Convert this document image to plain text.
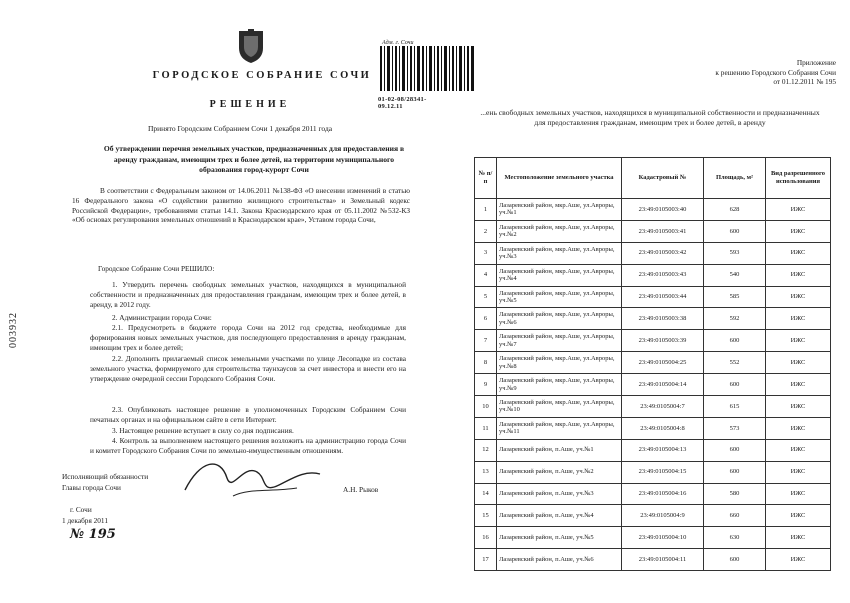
ГОРОДСКОЕ СОБРАНИЕ СОЧИ
РЕШЕНИЕ
Адм. г. Сочи
01-02-08/28341-09.12.11
Принято Городским Собранием Сочи 1 декабря 2011 года
Об утверждении перечня земельных участков, предназначенных для предоставления в аренду гражданам, имеющим трех и более детей, на территории муниципального образования город-курорт Сочи
В соответствии с Федеральным законом от 14.06.2011 №138-ФЗ «О внесении изменений в статью 16 Федерального закона «О содействии развитию жилищного строительства» и Земельный кодекс Российской Федерации», требованиями статьи 14.1. Закона Краснодарского края от 05.11.2002 №532-КЗ «Об основах регулирования земельных отношений в Краснодарском крае», Уставом города Сочи,
Городское Собрание Сочи РЕШИЛО:
1. Утвердить перечень свободных земельных участков, находящихся в муниципальной собственности и предназначенных для предоставления гражданам, имеющим трех и более детей, в аренду, в 2012 году.
2. Администрации города Сочи:
2.1. Предусмотреть в бюджете города Сочи на 2012 год средства, необходимые для формирования новых земельных участков, для последующего предоставления в аренду гражданам, имеющим трех и более детей;
2.2. Дополнить прилагаемый список земельными участками по улице Лесопадке из состава земельного участка, формируемого для строительства таунхаусов за счет инвестора и внести его на утверждение очередной сессии Городского Собрания Сочи.
2.3. Опубликовать настоящее решение в уполномоченных Городским Собранием Сочи печатных органах и на официальном сайте в сети Интернет.
3. Настоящее решение вступает в силу со дня подписания.
4. Контроль за выполнением настоящего решения возложить на администрацию города Сочи и комитет Городского Собрания Сочи по земельно-имущественным отношениям.
003932
Исполняющий обязанности
Главы города Сочи	А.Н. Рыков
г. Сочи
1 декабря 2011
№ 195
Приложение
к решению Городского Собрания Сочи
от 01.12.2011 № 195
...ень свободных земельных участков, находящихся в муниципальной собственности и предназначенных для предоставления гражданам, имеющим трех и более детей, в аренду
№ п/п	Местоположение земельного участка	Кадастровый №	Площадь, м²	Вид разрешенного использования
1	Лазаревский район, мкр.Аше, ул.Авроры, уч.№1	23:49:0105003:40	628	ИЖС
2	Лазаревский район, мкр.Аше, ул.Авроры, уч.№2	23:49:0105003:41	600	ИЖС
3	Лазаревский район, мкр.Аше, ул.Авроры, уч.№3	23:49:0105003:42	593	ИЖС
4	Лазаревский район, мкр.Аше, ул.Авроры, уч.№4	23:49:0105003:43	540	ИЖС
5	Лазаревский район, мкр.Аше, ул.Авроры, уч.№5	23:49:0105003:44	585	ИЖС
6	Лазаревский район, мкр.Аше, ул.Авроры, уч.№6	23:49:0105003:38	592	ИЖС
7	Лазаревский район, мкр.Аше, ул.Авроры, уч.№7	23:49:0105003:39	600	ИЖС
8	Лазаревский район, мкр.Аше, ул.Авроры, уч.№8	23:49:0105004:25	552	ИЖС
9	Лазаревский район, мкр.Аше, ул.Авроры, уч.№9	23:49:0105004:14	600	ИЖС
10	Лазаревский район, мкр.Аше, ул.Авроры, уч.№10	23:49:0105004:7	615	ИЖС
11	Лазаревский район, мкр.Аше, ул.Авроры, уч.№11	23:49:0105004:8	573	ИЖС
12	Лазаревский район, п.Аше, уч.№1	23:49:0105004:13	600	ИЖС
13	Лазаревский район, п.Аше, уч.№2	23:49:0105004:15	600	ИЖС
14	Лазаревский район, п.Аше, уч.№3	23:49:0105004:16	580	ИЖС
15	Лазаревский район, п.Аше, уч.№4	23:49:0105004:9	660	ИЖС
16	Лазаревский район, п.Аше, уч.№5	23:49:0105004:10	630	ИЖС
17	Лазаревский район, п.Аше, уч.№6	23:49:0105004:11	600	ИЖС
